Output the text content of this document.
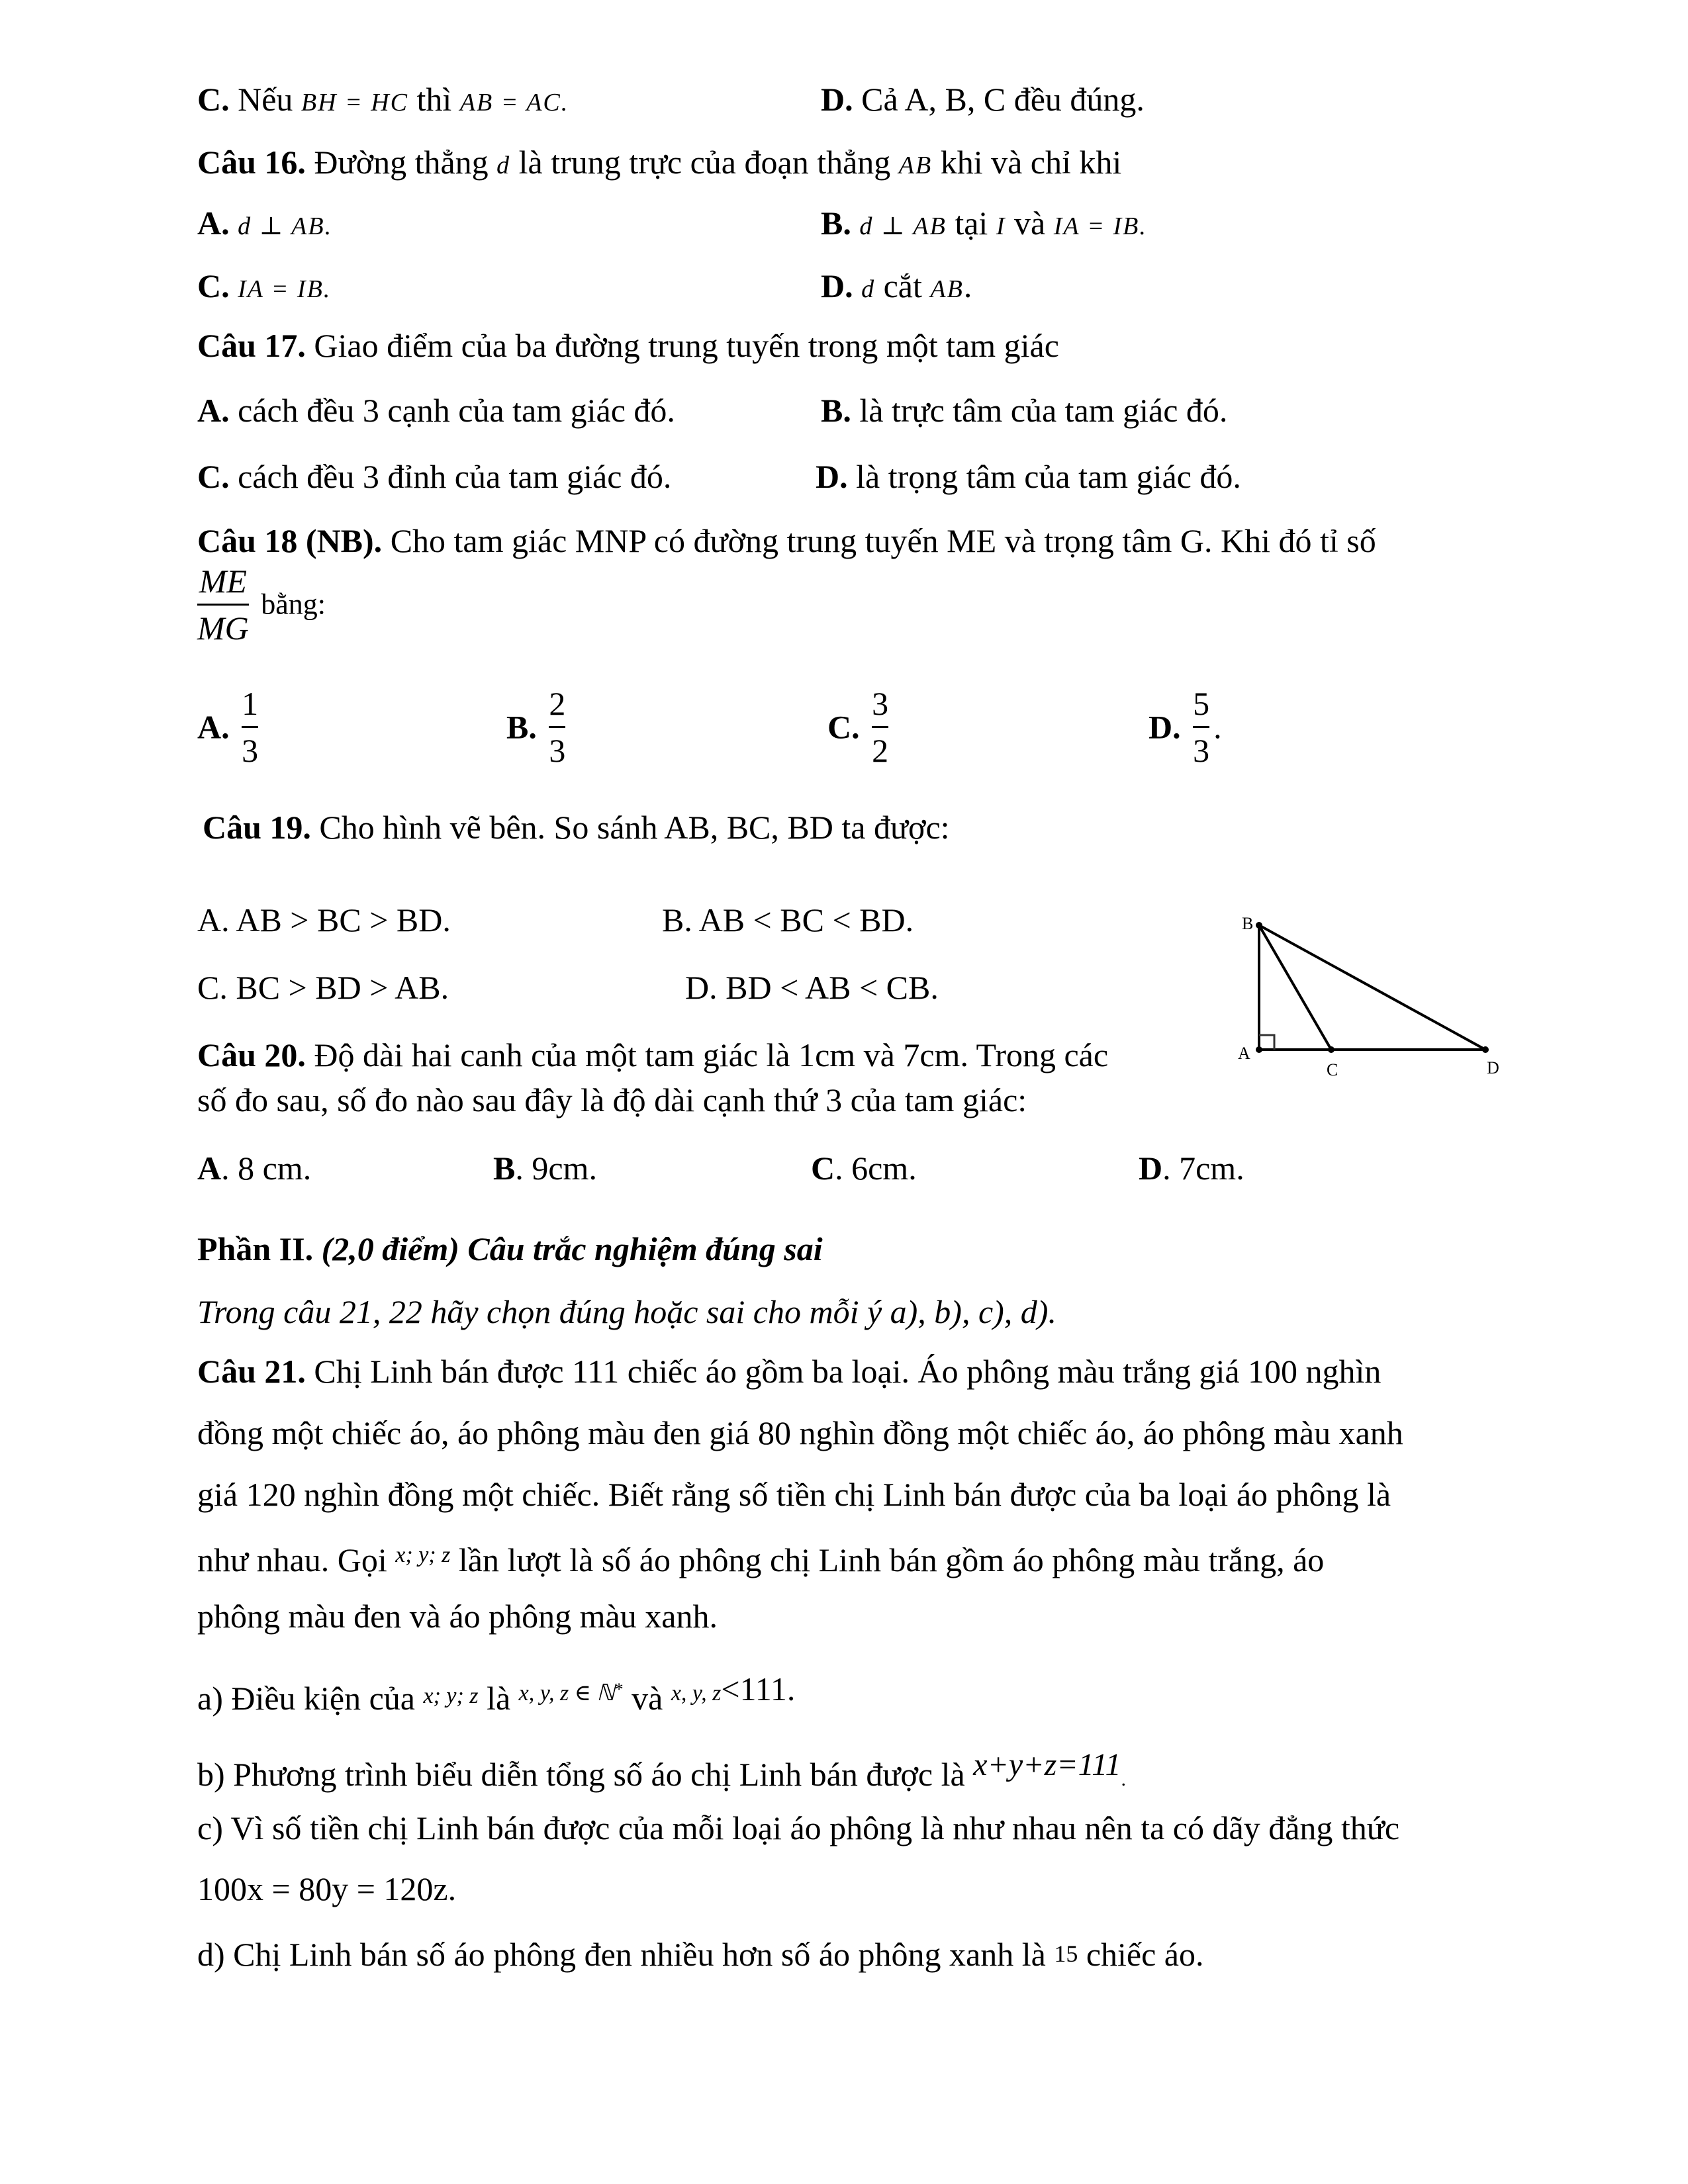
C. Nếu BH = HC thì AB = AC.	D. Cả A, B, C đều đúng.
Câu 16. Đường thẳng d là trung trực của đoạn thẳng AB khi và chỉ khi
A. d ⊥ AB.	B. d ⊥ AB tại I và IA = IB.
C. IA = IB.	D. d cắt AB.
Câu 17. Giao điểm của ba đường trung tuyến trong một tam giác
A. cách đều 3 cạnh của tam giác đó.	B. là trực tâm của tam giác đó.
C. cách đều 3 đỉnh của tam giác đó.	D. là trọng tâm của tam giác đó.
Câu 18 (NB). Cho tam giác MNP có đường trung tuyến ME và trọng tâm G. Khi đó tỉ số
$\frac{ME}{MG}$ bằng:
A. $\frac{1}{3}$	B. $\frac{2}{3}$	C. $\frac{3}{2}$	D. $\frac{5}{3}$ .
Câu 19. Cho hình vẽ bên. So sánh AB, BC, BD ta được:
A. AB > BC > BD.	B. AB < BC < BD.
C. BC > BD > AB.	D. BD < AB < CB.
B
A
C	D
Câu 20. Độ dài hai canh của một tam giác là 1cm và 7cm. Trong các
số đo sau, số đo nào sau đây là độ dài cạnh thứ 3 của tam giác:
A. 8 cm.	B. 9cm.	C. 6cm.	D. 7cm.
Phần II. (2,0 điểm) Câu trắc nghiệm đúng sai
Trong câu 21, 22 hãy chọn đúng hoặc sai cho mỗi ý a), b), c), d).
Câu 21. Chị Linh bán được 111 chiếc áo gồm ba loại. Áo phông màu trắng giá 100 nghìn
đồng một chiếc áo, áo phông màu đen giá 80 nghìn đồng một chiếc áo, áo phông màu xanh
giá 120 nghìn đồng một chiếc. Biết rằng số tiền chị Linh bán được của ba loại áo phông là
như nhau. Gọi $^{x; y; z}$ lần lượt là số áo phông chị Linh bán gồm áo phông màu trắng, áo
phông màu đen và áo phông màu xanh.
a) Điều kiện của $^{x; y; z}$ là $^{x, y, z \in ℕ*}$ và $^{x, y, z}$<111.
b) Phương trình biểu diễn tổng số áo chị Linh bán được là x+y+z=111.
c) Vì số tiền chị Linh bán được của mỗi loại áo phông là như nhau nên ta có dãy đẳng thức
100x = 80y = 120z.
d) Chị Linh bán số áo phông đen nhiều hơn số áo phông xanh là 15 chiếc áo.
